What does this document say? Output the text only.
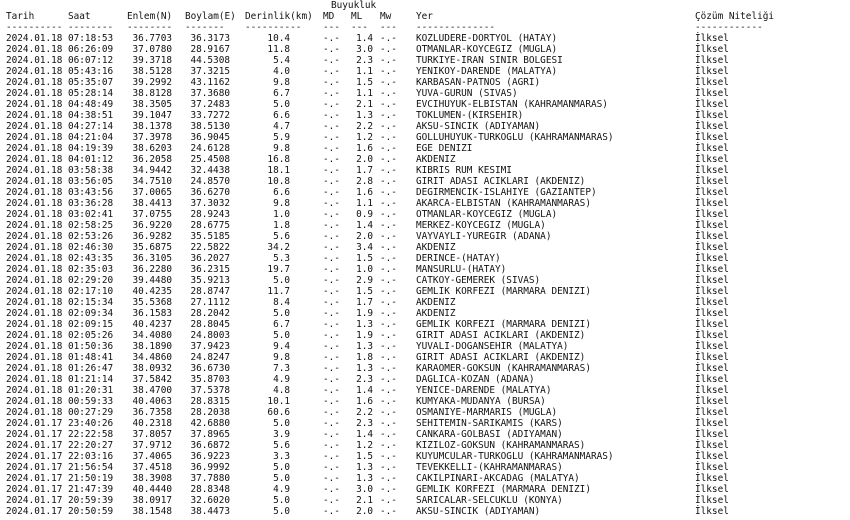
Buyukluk
Tarih	Saat	Enlem(N) Boylam(E) Derinlik(km) MD ML Mw	Yer	Çözüm Niteliği
---------- -------- -------- ------- ---------- --- --- --- --------------	------------
2024.01.18 07:18:53	36.7703	36.3173	10.4	-.-	1.4 -.- KOZLUDERE-DORTYOL (HATAY)	İlksel
2024.01.18 06:26:09	37.0780	28.9167	11.8	-.-	3.0 -.- OTMANLAR-KOYCEGIZ (MUGLA)	İlksel
2024.01.18 06:07:12	39.3718	44.5308	5.4	-.-	2.3 -.- TURKIYE-IRAN SINIR BOLGESI	İlksel
2024.01.18 05:43:16	38.5128	37.3215	4.0	-.-	1.1 -.- YENIKOY-DARENDE (MALATYA)	İlksel
2024.01.18 05:35:07	39.2992	43.1162	9.8	-.-	1.5 -.- KARBASAN-PATNOS (AGRI)	İlksel
2024.01.18 05:28:14	38.8128	37.3680	6.7	-.-	1.1 -.- YUVA-GURUN (SIVAS)	İlksel
2024.01.18 04:48:49	38.3505	37.2483	5.0	-.-	2.1 -.- EVCIHUYUK-ELBISTAN (KAHRAMANMARAS)	İlksel
2024.01.18 04:38:51	39.1047	33.7272	6.6	-.-	1.3 -.- TOKLUMEN-(KIRSEHIR)	İlksel
2024.01.18 04:27:14	38.1378	38.5130	4.7	-.-	2.2 -.- AKSU-SINCIK (ADIYAMAN)	İlksel
2024.01.18 04:21:04	37.3978	36.9045	5.9	-.-	1.2 -.- GOLLUHUYUK-TURKOGLU (KAHRAMANMARAS)	İlksel
2024.01.18 04:19:39	38.6203	24.6128	9.8	-.-	1.6 -.- EGE DENIZI	İlksel
2024.01.18 04:01:12	36.2058	25.4508	16.8	-.-	2.0 -.- AKDENIZ	İlksel
2024.01.18 03:58:38	34.9442	32.4438	18.1	-.-	1.7 -.- KIBRIS RUM KESIMI	İlksel
2024.01.18 03:56:05	34.7510	24.8570	10.8	-.-	2.8 -.- GIRIT ADASI ACIKLARI (AKDENIZ)	İlksel
2024.01.18 03:43:56	37.0065	36.6270	6.6	-.-	1.6 -.- DEGIRMENCIK-ISLAHIYE (GAZIANTEP)	İlksel
2024.01.18 03:36:28	38.4413	37.3032	9.8	-.-	1.1 -.- AKARCA-ELBISTAN (KAHRAMANMARAS)	İlksel
2024.01.18 03:02:41	37.0755	28.9243	1.0	-.-	0.9 -.- OTMANLAR-KOYCEGIZ (MUGLA)	İlksel
2024.01.18 02:58:25	36.9220	28.6775	1.8	-.-	1.4 -.- MERKEZ-KOYCEGIZ (MUGLA)	İlksel
2024.01.18 02:53:26	36.9282	35.5185	5.6	-.-	2.0 -.- VAYVAYLI-YUREGIR (ADANA)	İlksel
2024.01.18 02:46:30	35.6875	22.5822	34.2	-.-	3.4 -.- AKDENIZ	İlksel
2024.01.18 02:43:35	36.3105	36.2027	5.3	-.-	1.5 -.- DERINCE-(HATAY)	İlksel
2024.01.18 02:35:03	36.2280	36.2315	19.7	-.-	1.0 -.- MANSURLU-(HATAY)	İlksel
2024.01.18 02:29:20	39.4480	35.9213	5.0	-.-	2.9 -.- CATKOY-GEMEREK (SIVAS)	İlksel
2024.01.18 02:17:10	40.4235	28.8747	11.7	-.-	1.5 -.- GEMLIK KORFEZI (MARMARA DENIZI)	İlksel
2024.01.18 02:15:34	35.5368	27.1112	8.4	-.-	1.7 -.- AKDENIZ	İlksel
2024.01.18 02:09:34	36.1583	28.2042	5.0	-.-	1.9 -.- AKDENIZ	İlksel
2024.01.18 02:09:15	40.4237	28.8045	6.7	-.-	1.3 -.- GEMLIK KORFEZI (MARMARA DENIZI)	İlksel
2024.01.18 02:05:26	34.4080	24.8003	5.0	-.-	1.9 -.- GIRIT ADASI ACIKLARI (AKDENIZ)	İlksel
2024.01.18 01:50:36	38.1890	37.9423	9.4	-.-	1.3 -.- YUVALI-DOGANSEHIR (MALATYA)	İlksel
2024.01.18 01:48:41	34.4860	24.8247	9.8	-.-	1.8 -.- GIRIT ADASI ACIKLARI (AKDENIZ)	İlksel
2024.01.18 01:26:47	38.0932	36.6730	7.3	-.-	1.3 -.- KARAOMER-GOKSUN (KAHRAMANMARAS)	İlksel
2024.01.18 01:21:14	37.5842	35.8703	4.9	-.-	2.3 -.- DAGLICA-KOZAN (ADANA)	İlksel
2024.01.18 01:20:31	38.4700	37.5378	4.8	-.-	1.4 -.- YENICE-DARENDE (MALATYA)	İlksel
2024.01.18 00:59:33	40.4063	28.8315	10.1	-.-	1.6 -.- KUMYAKA-MUDANYA (BURSA)	İlksel
2024.01.18 00:27:29	36.7358	28.2038	60.6	-.-	2.2 -.- OSMANIYE-MARMARIS (MUGLA)	İlksel
2024.01.17 23:40:26	40.2318	42.6880	5.0	-.-	2.3 -.- SEHITEMIN-SARIKAMIS (KARS)	İlksel
2024.01.17 22:22:58	37.8057	37.8965	3.9	-.-	1.4 -.- CANKARA-GOLBASI (ADIYAMAN)	İlksel
2024.01.17 22:20:27	37.9712	36.6872	5.6	-.-	1.2 -.- KIZILOZ-GOKSUN (KAHRAMANMARAS)	İlksel
2024.01.17 22:03:16	37.4065	36.9223	3.3	-.-	1.5 -.- KUYUMCULAR-TURKOGLU (KAHRAMANMARAS)	İlksel
2024.01.17 21:56:54	37.4518	36.9992	5.0	-.-	1.3 -.- TEVEKKELLI-(KAHRAMANMARAS)	İlksel
2024.01.17 21:50:19	38.3908	37.7880	5.0	-.-	1.3 -.- CAKILPINARI-AKCADAG (MALATYA)	İlksel
2024.01.17 21:47:39	40.4440	28.8348	4.9	-.-	3.0 -.- GEMLIK KORFEZI (MARMARA DENIZI)	İlksel
2024.01.17 20:59:39	38.0917	32.6020	5.0	-.-	2.1 -.- SARICALAR-SELCUKLU (KONYA)	İlksel
2024.01.17 20:50:59	38.1548	38.4473	5.0	-.-	2.0 -.- AKSU-SINCIK (ADIYAMAN)	İlksel
